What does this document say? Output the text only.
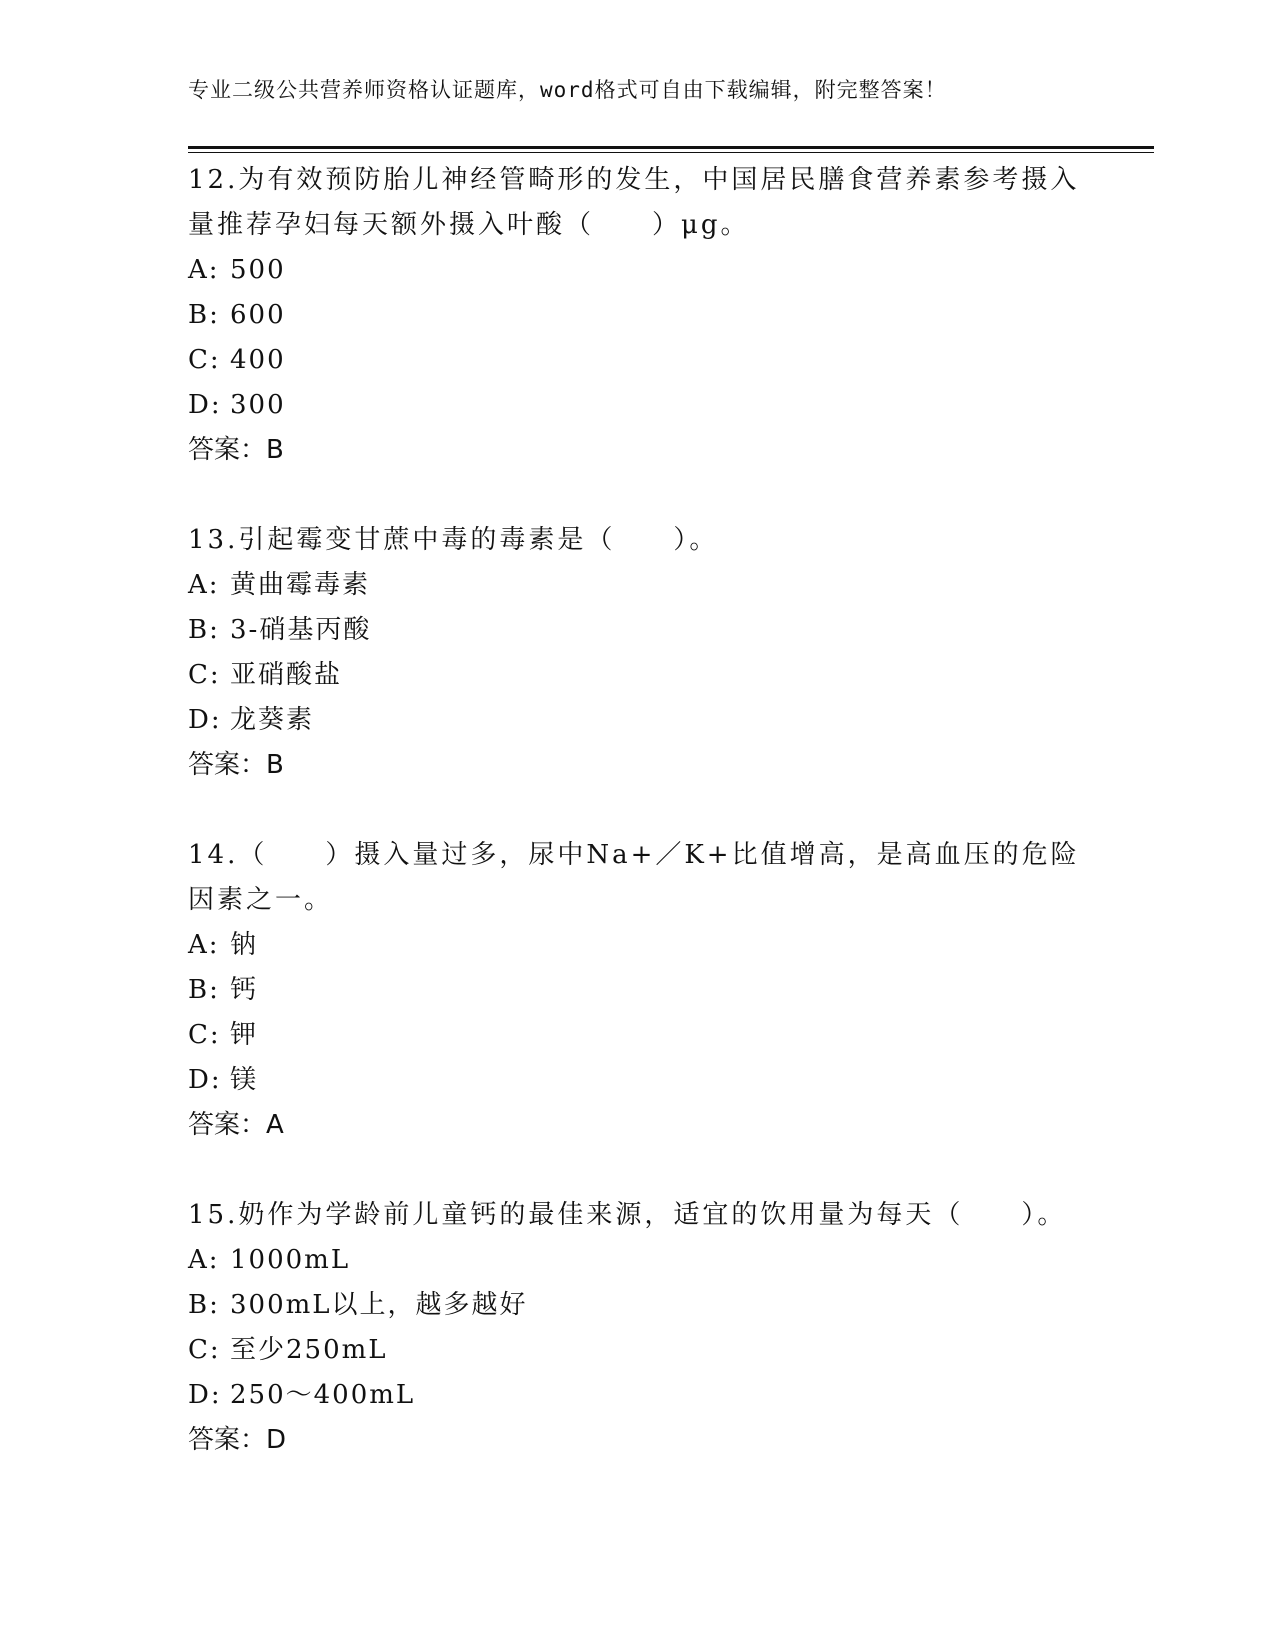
专业二级公共营养师资格认证题库，word格式可自由下载编辑，附完整答案！

12.为有效预防胎儿神经管畸形的发生，中国居民膳食营养素参考摄入量推荐孕妇每天额外摄入叶酸（　　）μg。

A: 500

B: 600

C: 400

D: 300

答案：B

13.引起霉变甘蔗中毒的毒素是（　　）。

A: 黄曲霉毒素

B: 3-硝基丙酸

C: 亚硝酸盐

D: 龙葵素

答案：B

14.（　　）摄入量过多，尿中Na+／K+比值增高，是高血压的危险因素之一。

A: 钠

B: 钙

C: 钾

D: 镁

答案：A

15.奶作为学龄前儿童钙的最佳来源，适宜的饮用量为每天（　　）。

A: 1000mL

B: 300mL以上，越多越好

C: 至少250mL

D: 250～400mL

答案：D
